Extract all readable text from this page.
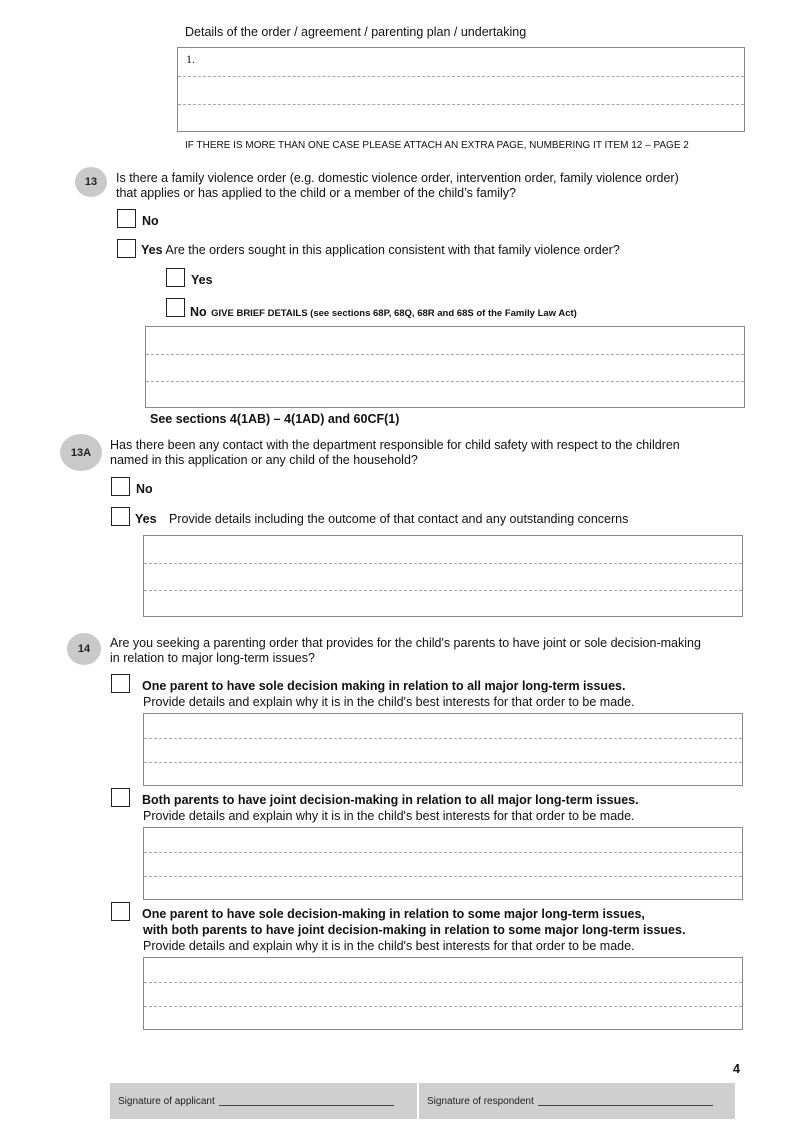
Details of the order / agreement / parenting plan / undertaking
1.
IF THERE IS MORE THAN ONE CASE PLEASE ATTACH AN EXTRA PAGE, NUMBERING IT ITEM 12 – PAGE 2
13	Is there a family violence order (e.g. domestic violence order, intervention order, family violence order)
that applies or has applied to the child or a member of the child’s family?
No
Yes Are the orders sought in this application consistent with that family violence order?
Yes
No GIVE BRIEF DETAILS (see sections 68P, 68Q, 68R and 68S of the Family Law Act)
See sections 4(1AB) – 4(1AD) and 60CF(1)
13A
Has there been any contact with the department responsible for child safety with respect to the children
named in this application or any child of the household?
No
Yes Provide details including the outcome of that contact and any outstanding concerns
14	Are you seeking a parenting order that provides for the child's parents to have joint or sole decision-making
in relation to major long-term issues?
One parent to have sole decision making in relation to all major long-term issues.
Provide details and explain why it is in the child's best interests for that order to be made.
Both parents to have joint decision-making in relation to all major long-term issues.
Provide details and explain why it is in the child's best interests for that order to be made.
One parent to have sole decision-making in relation to some major long-term issues,
with both parents to have joint decision-making in relation to some major long-term issues.
Provide details and explain why it is in the child's best interests for that order to be made.
4
Signature of applicant	Signature of respondent
